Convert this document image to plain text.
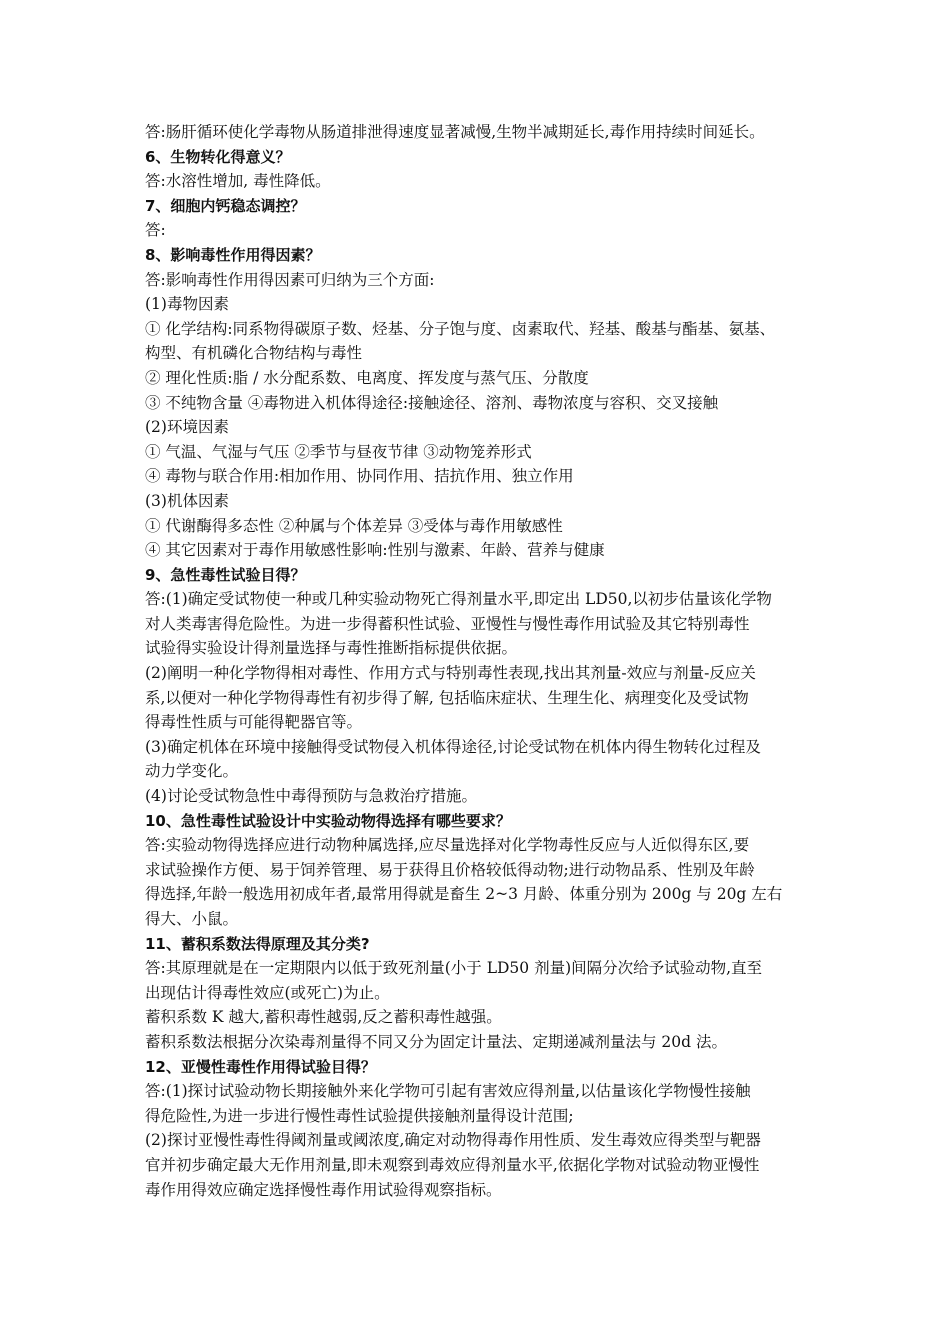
答:肠肝循环使化学毒物从肠道排泄得速度显著减慢,生物半减期延长,毒作用持续时间延长。
6、生物转化得意义？
答:水溶性增加, 毒性降低。
7、细胞内钙稳态调控？
答:
8、影响毒性作用得因素？
答:影响毒性作用得因素可归纳为三个方面:
(1)毒物因素
① 化学结构:同系物得碳原子数、烃基、分子饱与度、卤素取代、羟基、酸基与酯基、氨基、
构型、有机磷化合物结构与毒性
② 理化性质:脂 / 水分配系数、电离度、挥发度与蒸气压、分散度
③ 不纯物含量 ④毒物进入机体得途径:接触途径、溶剂、毒物浓度与容积、交叉接触
(2)环境因素
① 气温、气湿与气压 ②季节与昼夜节律 ③动物笼养形式
④ 毒物与联合作用:相加作用、协同作用、拮抗作用、独立作用
(3)机体因素
① 代谢酶得多态性 ②种属与个体差异 ③受体与毒作用敏感性
④ 其它因素对于毒作用敏感性影响:性别与激素、年龄、营养与健康
9、急性毒性试验目得？
答:(1)确定受试物使一种或几种实验动物死亡得剂量水平,即定出 LD50,以初步估量该化学物
对人类毒害得危险性。为进一步得蓄积性试验、亚慢性与慢性毒作用试验及其它特别毒性
试验得实验设计得剂量选择与毒性推断指标提供依据。
(2)阐明一种化学物得相对毒性、作用方式与特别毒性表现,找出其剂量-效应与剂量-反应关
系,以便对一种化学物得毒性有初步得了解, 包括临床症状、生理生化、病理变化及受试物
得毒性性质与可能得靶器官等。
(3)确定机体在环境中接触得受试物侵入机体得途径,讨论受试物在机体内得生物转化过程及
动力学变化。
(4)讨论受试物急性中毒得预防与急救治疗措施。
10、急性毒性试验设计中实验动物得选择有哪些要求？
答:实验动物得选择应进行动物种属选择,应尽量选择对化学物毒性反应与人近似得东区,要
求试验操作方便、易于饲养管理、易于获得且价格较低得动物;进行动物品系、性别及年龄
得选择,年龄一般选用初成年者,最常用得就是畜生 2~3 月龄、体重分别为 200g 与 20g 左右
得大、小鼠。
11、蓄积系数法得原理及其分类?
答:其原理就是在一定期限内以低于致死剂量(小于 LD50 剂量)间隔分次给予试验动物,直至
出现估计得毒性效应(或死亡)为止。
蓄积系数 K 越大,蓄积毒性越弱,反之蓄积毒性越强。
蓄积系数法根据分次染毒剂量得不同又分为固定计量法、定期递减剂量法与 20d 法。
12、亚慢性毒性作用得试验目得？
答:(1)探讨试验动物长期接触外来化学物可引起有害效应得剂量,以估量该化学物慢性接触
得危险性,为进一步进行慢性毒性试验提供接触剂量得设计范围;
(2)探讨亚慢性毒性得阈剂量或阈浓度,确定对动物得毒作用性质、发生毒效应得类型与靶器
官并初步确定最大无作用剂量,即未观察到毒效应得剂量水平,依据化学物对试验动物亚慢性
毒作用得效应确定选择慢性毒作用试验得观察指标。
